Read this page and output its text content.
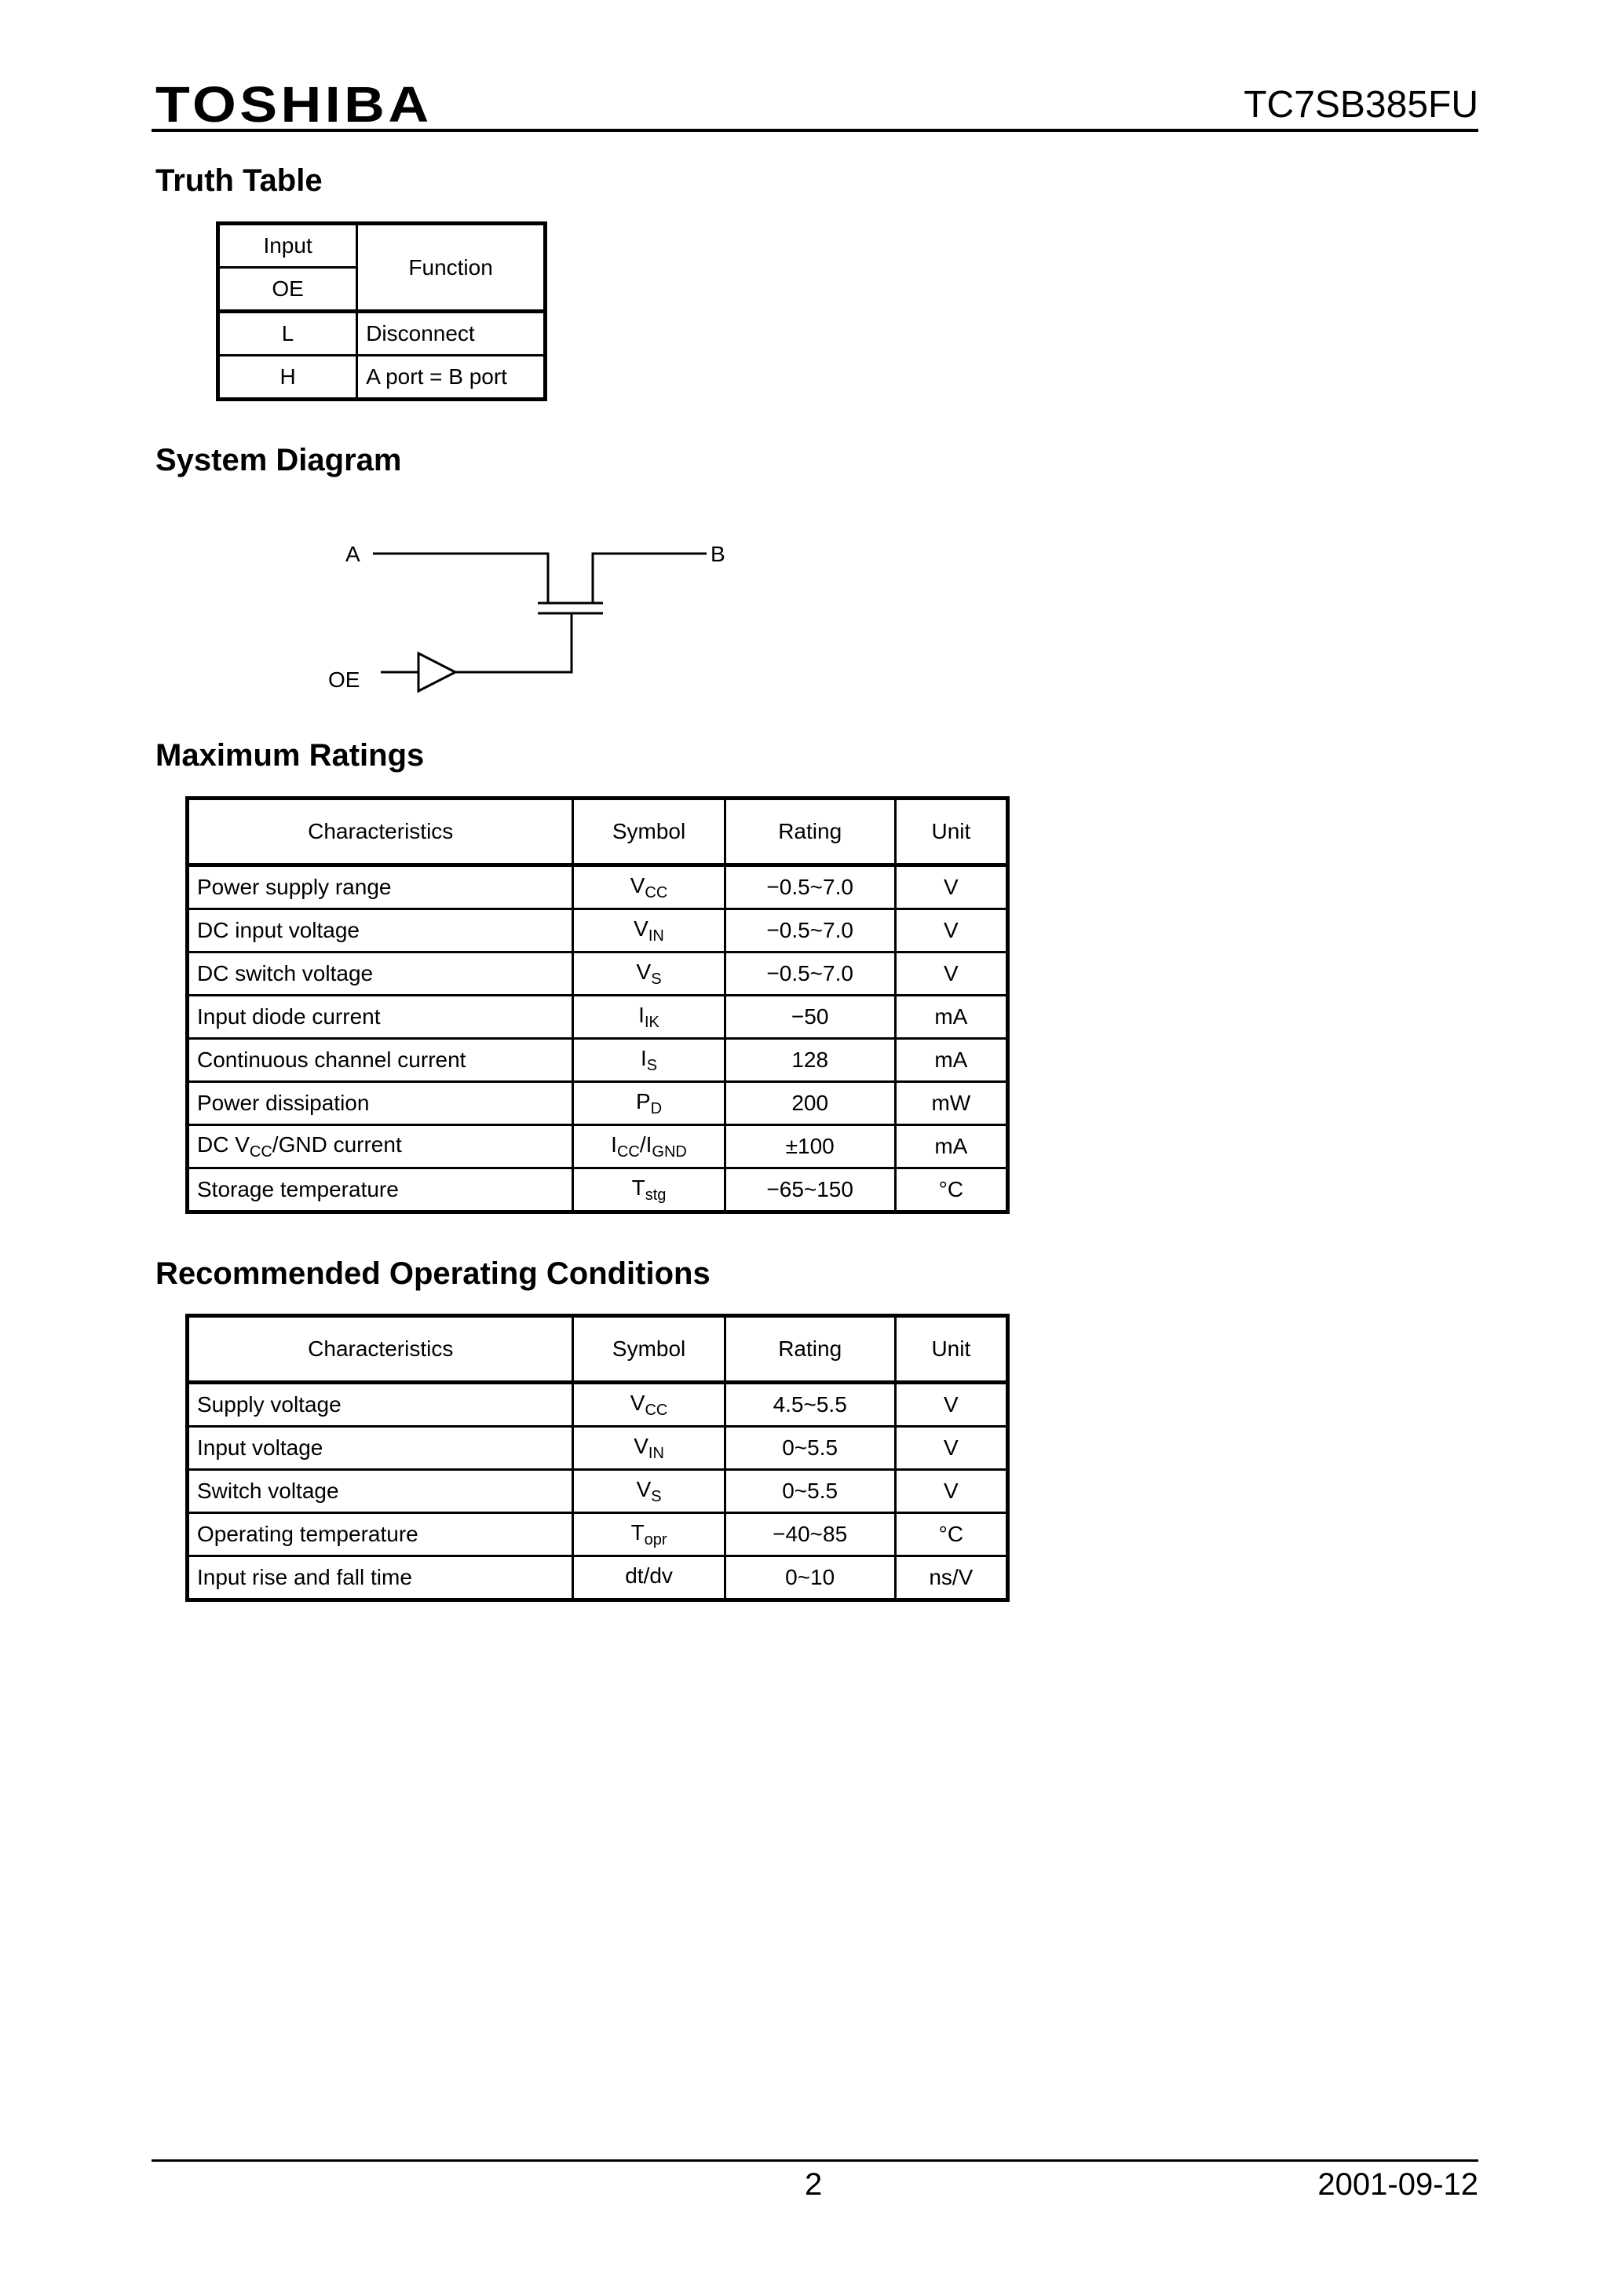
TOSHIBA	TC7SB385FU
Truth Table
Input	Function
OE	
L	Disconnect
H	A port = B port
System Diagram
A	B
OE
Maximum Ratings
Characteristics	Symbol	Rating	Unit
Power supply range	$V_{CC}$	−0.5~7.0	V
DC input voltage	$V_{IN}$	−0.5~7.0	V
DC switch voltage	$V_S$	−0.5~7.0	V
Input diode current	$I_{IK}$	−50	mA
Continuous channel current	$I_S$	128	mA
Power dissipation	$P_D$	200	mW
DC $V_{CC}$/GND current	$I_{CC}/I_{GND}$	±100	mA
Storage temperature	$T_{stg}$	−65~150	°C
Recommended Operating Conditions
Characteristics	Symbol	Rating	Unit
Supply voltage	$V_{CC}$	4.5~5.5	V
Input voltage	$V_{IN}$	0~5.5	V
Switch voltage	$V_S$	0~5.5	V
Operating temperature	$T_{opr}$	−40~85	°C
Input rise and fall time	dt/dv	0~10	ns/V
2	2001-09-12
